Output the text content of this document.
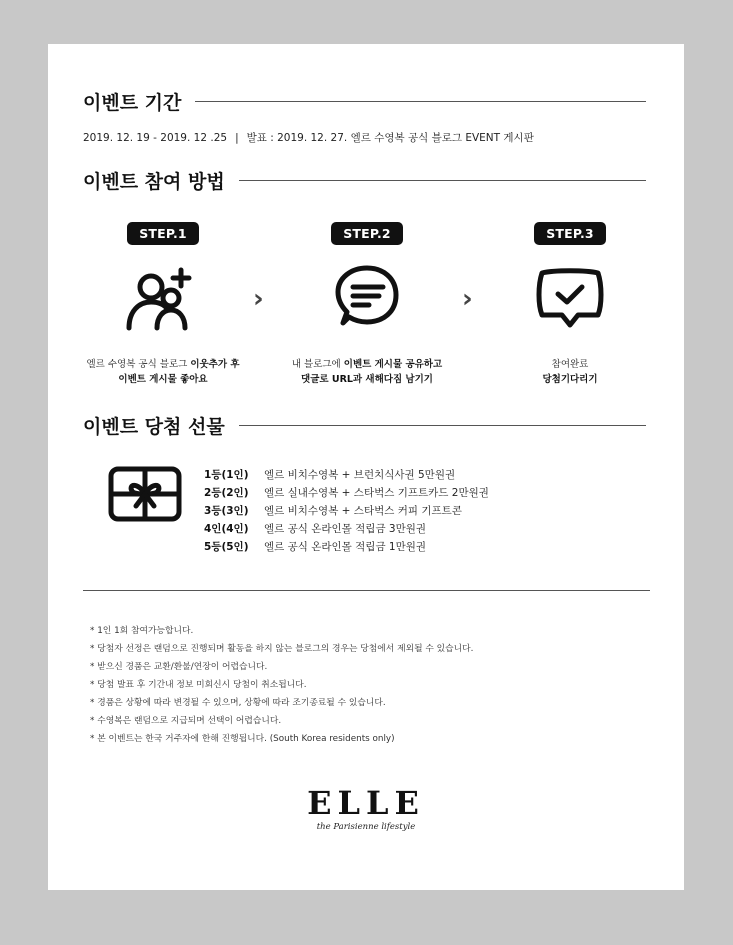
이벤트 기간
2019. 12. 19 - 2019. 12 .25 | 발표 : 2019. 12. 27. 엘르 수영복 공식 블로그 EVENT 게시판
이벤트 참여 방법
STEP.1
엘르 수영복 공식 블로그 이웃추가 후
이벤트 게시물 좋아요
›
STEP.2
내 블로그에 이벤트 게시물 공유하고
댓글로 URL과 새해다짐 남기기
›
STEP.3
참여완료
당첨기다리기
이벤트 당첨 선물
1등(1인)	엘르 비치수영복 + 브런치식사권 5만원권
2등(2인)	엘르 실내수영복 + 스타벅스 기프트카드 2만원권
3등(3인)	엘르 비치수영복 + 스타벅스 커피 기프트콘
4인(4인)	엘르 공식 온라인몰 적립금 3만원권
5등(5인)	엘르 공식 온라인몰 적립금 1만원권
* 1인 1회 참여가능합니다.
* 당첨자 선정은 랜덤으로 진행되며 활동을 하지 않는 블로그의 경우는 당첨에서 제외될 수 있습니다.
* 받으신 경품은 교환/환불/연장이 어렵습니다.
* 당첨 발표 후 기간내 정보 미회신시 당첨이 취소됩니다.
* 경품은 상황에 따라 변경될 수 있으며, 상황에 따라 조기종료될 수 있습니다.
* 수영복은 랜덤으로 지급되며 선택이 어렵습니다.
* 본 이벤트는 한국 거주자에 한해 진행됩니다. (South Korea residents only)
ELLE
the Parisienne lifestyle
